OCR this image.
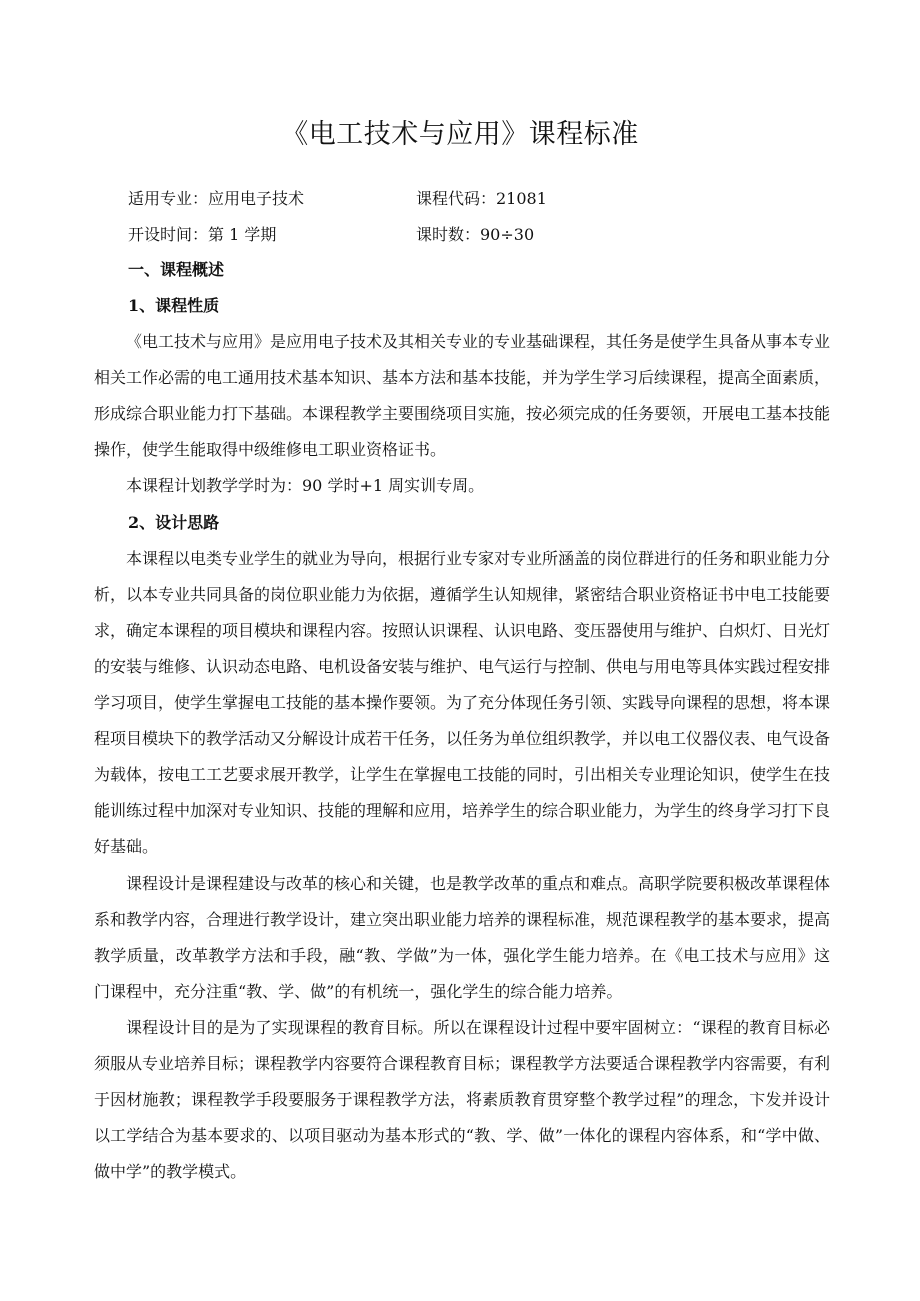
《电工技术与应用》课程标准
适用专业：应用电子技术	课程代码：21081
开设时间：第 1 学期	课时数：90÷30
一、课程概述
1、课程性质

《电工技术与应用》是应用电子技术及其相关专业的专业基础课程，其任务是使学生具备从事本专业相关工作必需的电工通用技术基本知识、基本方法和基本技能，并为学生学习后续课程，提高全面素质，形成综合职业能力打下基础。本课程教学主要围绕项目实施，按必须完成的任务要领，开展电工基本技能操作，使学生能取得中级维修电工职业资格证书。

本课程计划教学学时为：90 学时+1 周实训专周。

2、设计思路

本课程以电类专业学生的就业为导向，根据行业专家对专业所涵盖的岗位群进行的任务和职业能力分析，以本专业共同具备的岗位职业能力为依据，遵循学生认知规律，紧密结合职业资格证书中电工技能要求，确定本课程的项目模块和课程内容。按照认识课程、认识电路、变压器使用与维护、白炽灯、日光灯的安装与维修、认识动态电路、电机设备安装与维护、电气运行与控制、供电与用电等具体实践过程安排学习项目，使学生掌握电工技能的基本操作要领。为了充分体现任务引领、实践导向课程的思想，将本课程项目模块下的教学活动又分解设计成若干任务，以任务为单位组织教学，并以电工仪器仪表、电气设备为载体，按电工工艺要求展开教学，让学生在掌握电工技能的同时，引出相关专业理论知识，使学生在技能训练过程中加深对专业知识、技能的理解和应用，培养学生的综合职业能力，为学生的终身学习打下良好基础。

课程设计是课程建设与改革的核心和关键，也是教学改革的重点和难点。高职学院要积极改革课程体系和教学内容，合理进行教学设计，建立突出职业能力培养的课程标准，规范课程教学的基本要求，提高教学质量，改革教学方法和手段，融“教、学做”为一体，强化学生能力培养。在《电工技术与应用》这门课程中，充分注重“教、学、做”的有机统一，强化学生的综合能力培养。

课程设计目的是为了实现课程的教育目标。所以在课程设计过程中要牢固树立：“课程的教育目标必须服从专业培养目标；课程教学内容要符合课程教育目标；课程教学方法要适合课程教学内容需要，有利于因材施教；课程教学手段要服务于课程教学方法，将素质教育贯穿整个教学过程”的理念，卞发并设计以工学结合为基本要求的、以项目驱动为基本形式的“教、学、做”一体化的课程内容体系，和“学中做、做中学”的教学模式。
